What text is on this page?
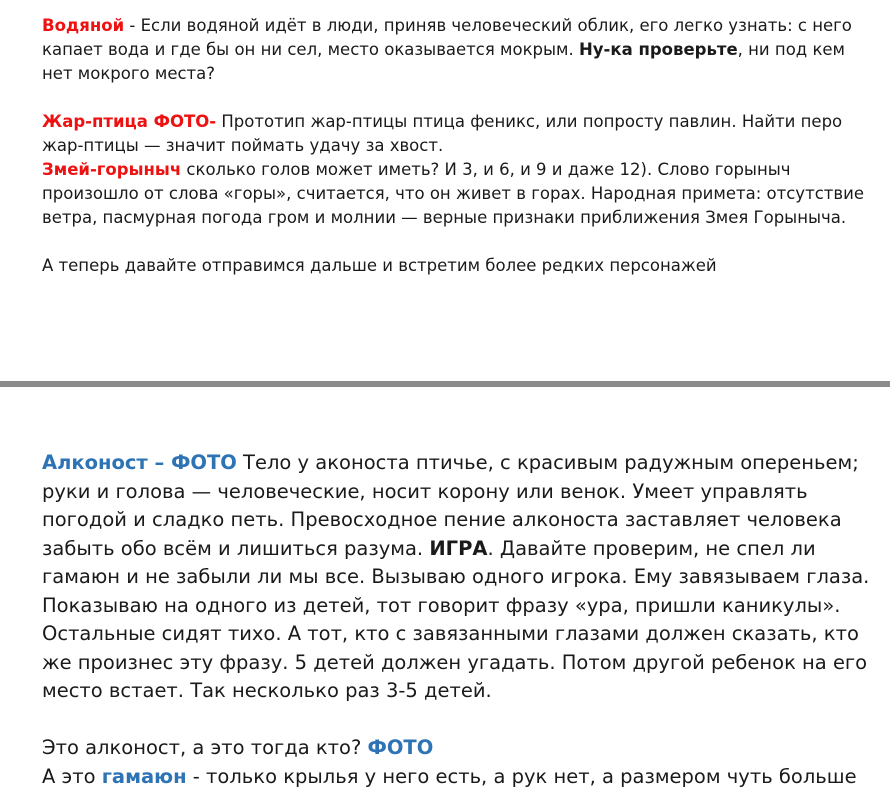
Водяной - Если водяной идёт в люди, приняв человеческий облик, его легко узнать: с него капает вода и где бы он ни сел, место оказывается мокрым. Ну-ка проверьте, ни под кем нет мокрого места?

Жар-птица ФОТО- Прототип жар-птицы птица феникс, или попросту павлин. Найти перо жар-птицы — значит поймать удачу за хвост.

Змей-горыныч сколько голов может иметь? И 3, и 6, и 9 и даже 12). Слово горыныч произошло от слова «горы», считается, что он живет в горах. Народная примета: отсутствие ветра, пасмурная погода гром и молнии — верные признаки приближения Змея Горыныча.

А теперь давайте отправимся дальше и встретим более редких персонажей

Алконост – ФОТО Тело у аконоста птичье, с красивым радужным опереньем; руки и голова — человеческие, носит корону или венок. Умеет управлять погодой и сладко петь. Превосходное пение алконоста заставляет человека забыть обо всём и лишиться разума. ИГРА. Давайте проверим, не спел ли гамаюн и не забыли ли мы все. Вызываю одного игрока. Ему завязываем глаза. Показываю на одного из детей, тот говорит фразу «ура, пришли каникулы». Остальные сидят тихо. А тот, кто с завязанными глазами должен сказать, кто же произнес эту фразу. 5 детей должен угадать. Потом другой ребенок на его место встает. Так несколько раз 3-5 детей.

Это алконост, а это тогда кто? ФОТО

А это гамаюн - только крылья у него есть, а рук нет, а размером чуть больше
